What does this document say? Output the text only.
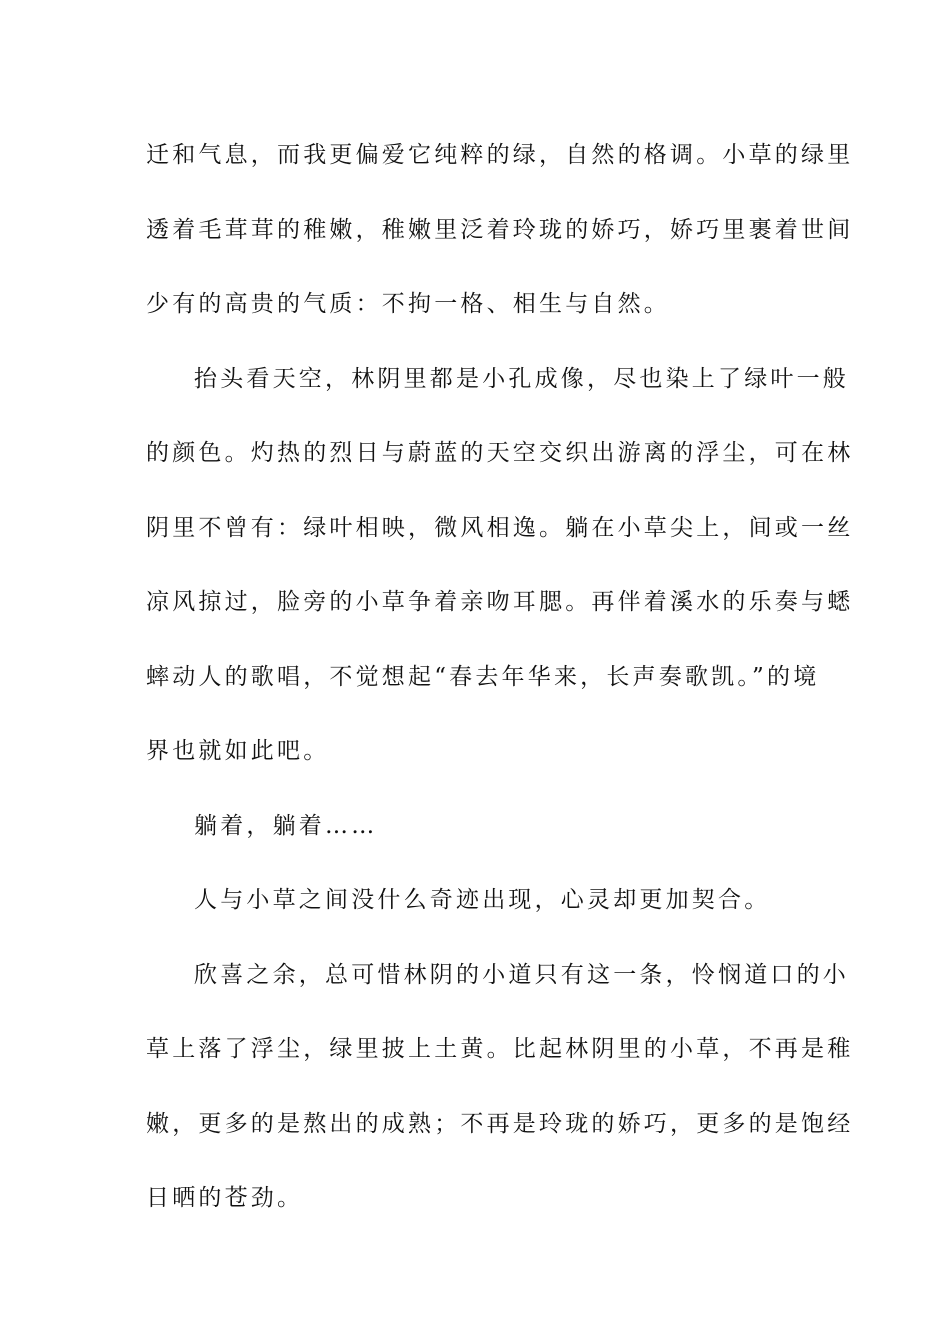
迁和气息，而我更偏爱它纯粹的绿，自然的格调。小草的绿里
透着毛茸茸的稚嫩，稚嫩里泛着玲珑的娇巧，娇巧里裹着世间
少有的高贵的气质：不拘一格、相生与自然。
抬头看天空，林阴里都是小孔成像，尽也染上了绿叶一般
的颜色。灼热的烈日与蔚蓝的天空交织出游离的浮尘，可在林
阴里不曾有：绿叶相映，微风相逸。躺在小草尖上，间或一丝
凉风掠过，脸旁的小草争着亲吻耳腮。再伴着溪水的乐奏与蟋
蟀动人的歌唱，不觉想起“春去年华来，长声奏歌凯。”的境
界也就如此吧。
躺着，躺着……
人与小草之间没什么奇迹出现，心灵却更加契合。
欣喜之余，总可惜林阴的小道只有这一条，怜悯道口的小
草上落了浮尘，绿里披上土黄。比起林阴里的小草，不再是稚
嫩，更多的是熬出的成熟；不再是玲珑的娇巧，更多的是饱经
日晒的苍劲。
